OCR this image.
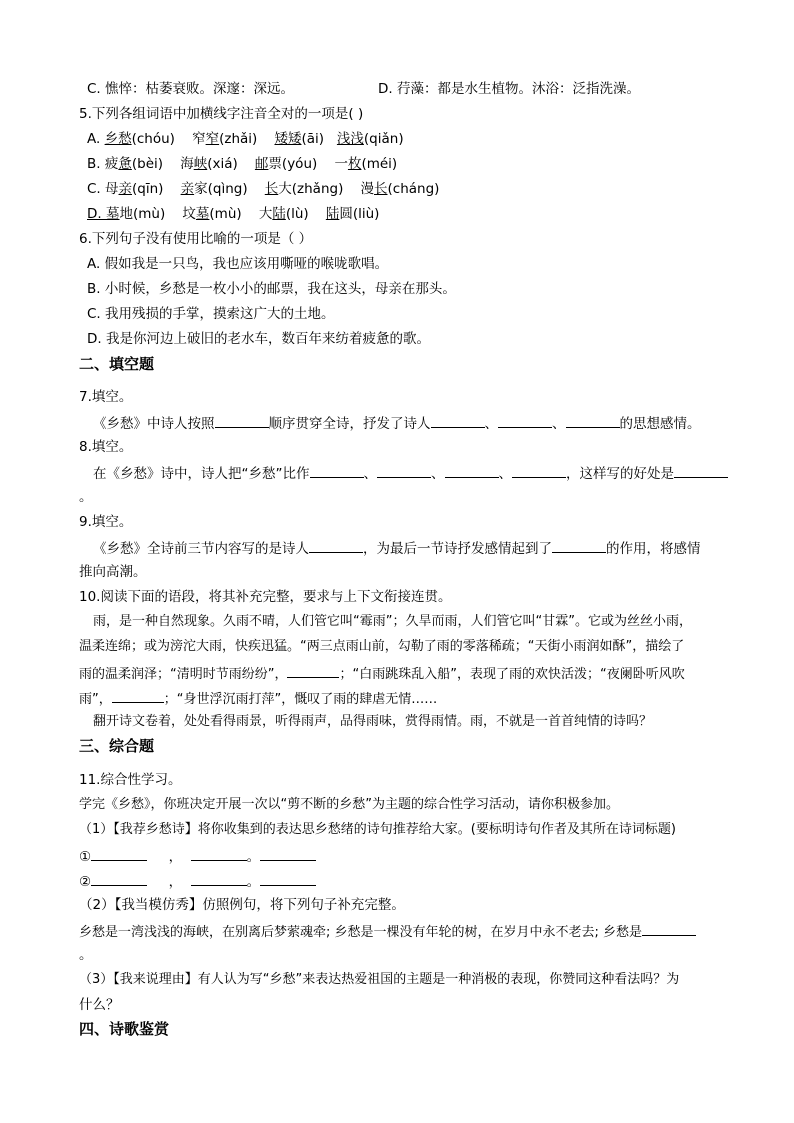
C. 憔悴：枯萎衰败。深邃：深远。	D. 荇藻：都是水生植物。沐浴：泛指洗澡。
5.下列各组词语中加横线字注音全对的一项是( )
A. 乡愁(chóu) 窄窄(zhǎi) 矮矮(āi) 浅浅(qiǎn)
B. 疲惫(bèi) 海峡(xiá) 邮票(yóu) 一枚(méi)
C. 母亲(qīn) 亲家(qìng) 长大(zhǎng) 漫长(cháng)
D. 墓地(mù) 坟墓(mù) 大陆(lù) 陆圆(liù)
6.下列句子没有使用比喻的一项是（ ）
A. 假如我是一只鸟，我也应该用嘶哑的喉咙歌唱。
B. 小时候，乡愁是一枚小小的邮票，我在这头，母亲在那头。
C. 我用残损的手掌，摸索这广大的土地。
D. 我是你河边上破旧的老水车，数百年来纺着疲惫的歌。
二、填空题
7.填空。
《乡愁》中诗人按照	顺序贯穿全诗，抒发了诗人	、	、	的思想感情。
8.填空。
在《乡愁》诗中，诗人把“乡愁”比作	、	、	、	，这样写的好处是
。
9.填空。
《乡愁》全诗前三节内容写的是诗人	，为最后一节诗抒发感情起到了	的作用，将感情
推向高潮。
10.阅读下面的语段，将其补充完整，要求与上下文衔接连贯。
雨，是一种自然现象。久雨不晴，人们管它叫“霉雨”；久旱而雨，人们管它叫“甘霖”。它或为丝丝小雨，
温柔连绵；或为滂沱大雨，快疾迅猛。“两三点雨山前，勾勒了雨的零落稀疏；“天街小雨润如酥”，描绘了
雨的温柔润泽；“清明时节雨纷纷”，	；“白雨跳珠乱入船”，表现了雨的欢快活泼；“夜阑卧听风吹
雨”，	；“身世浮沉雨打萍”，慨叹了雨的肆虐无情……
翻开诗文卷着，处处看得雨景，听得雨声，品得雨味，赏得雨情。雨，不就是一首首纯情的诗吗？
三、综合题
11.综合性学习。
学完《乡愁》，你班决定开展一次以“剪不断的乡愁”为主题的综合性学习活动，请你积极参加。
（1）【我荐乡愁诗】将你收集到的表达思乡愁绪的诗句推荐给大家。(要标明诗句作者及其所在诗词标题)
①	，	。
②	，	。
（2）【我当模仿秀】仿照例句，将下列句子补充完整。
乡愁是一湾浅浅的海峡，在别离后梦萦魂牵; 乡愁是一棵没有年轮的树，在岁月中永不老去; 乡愁是
。
（3）【我来说理由】有人认为写“乡愁”来表达热爱祖国的主题是一种消极的表现，你赞同这种看法吗？为
什么？
四、诗歌鉴赏
